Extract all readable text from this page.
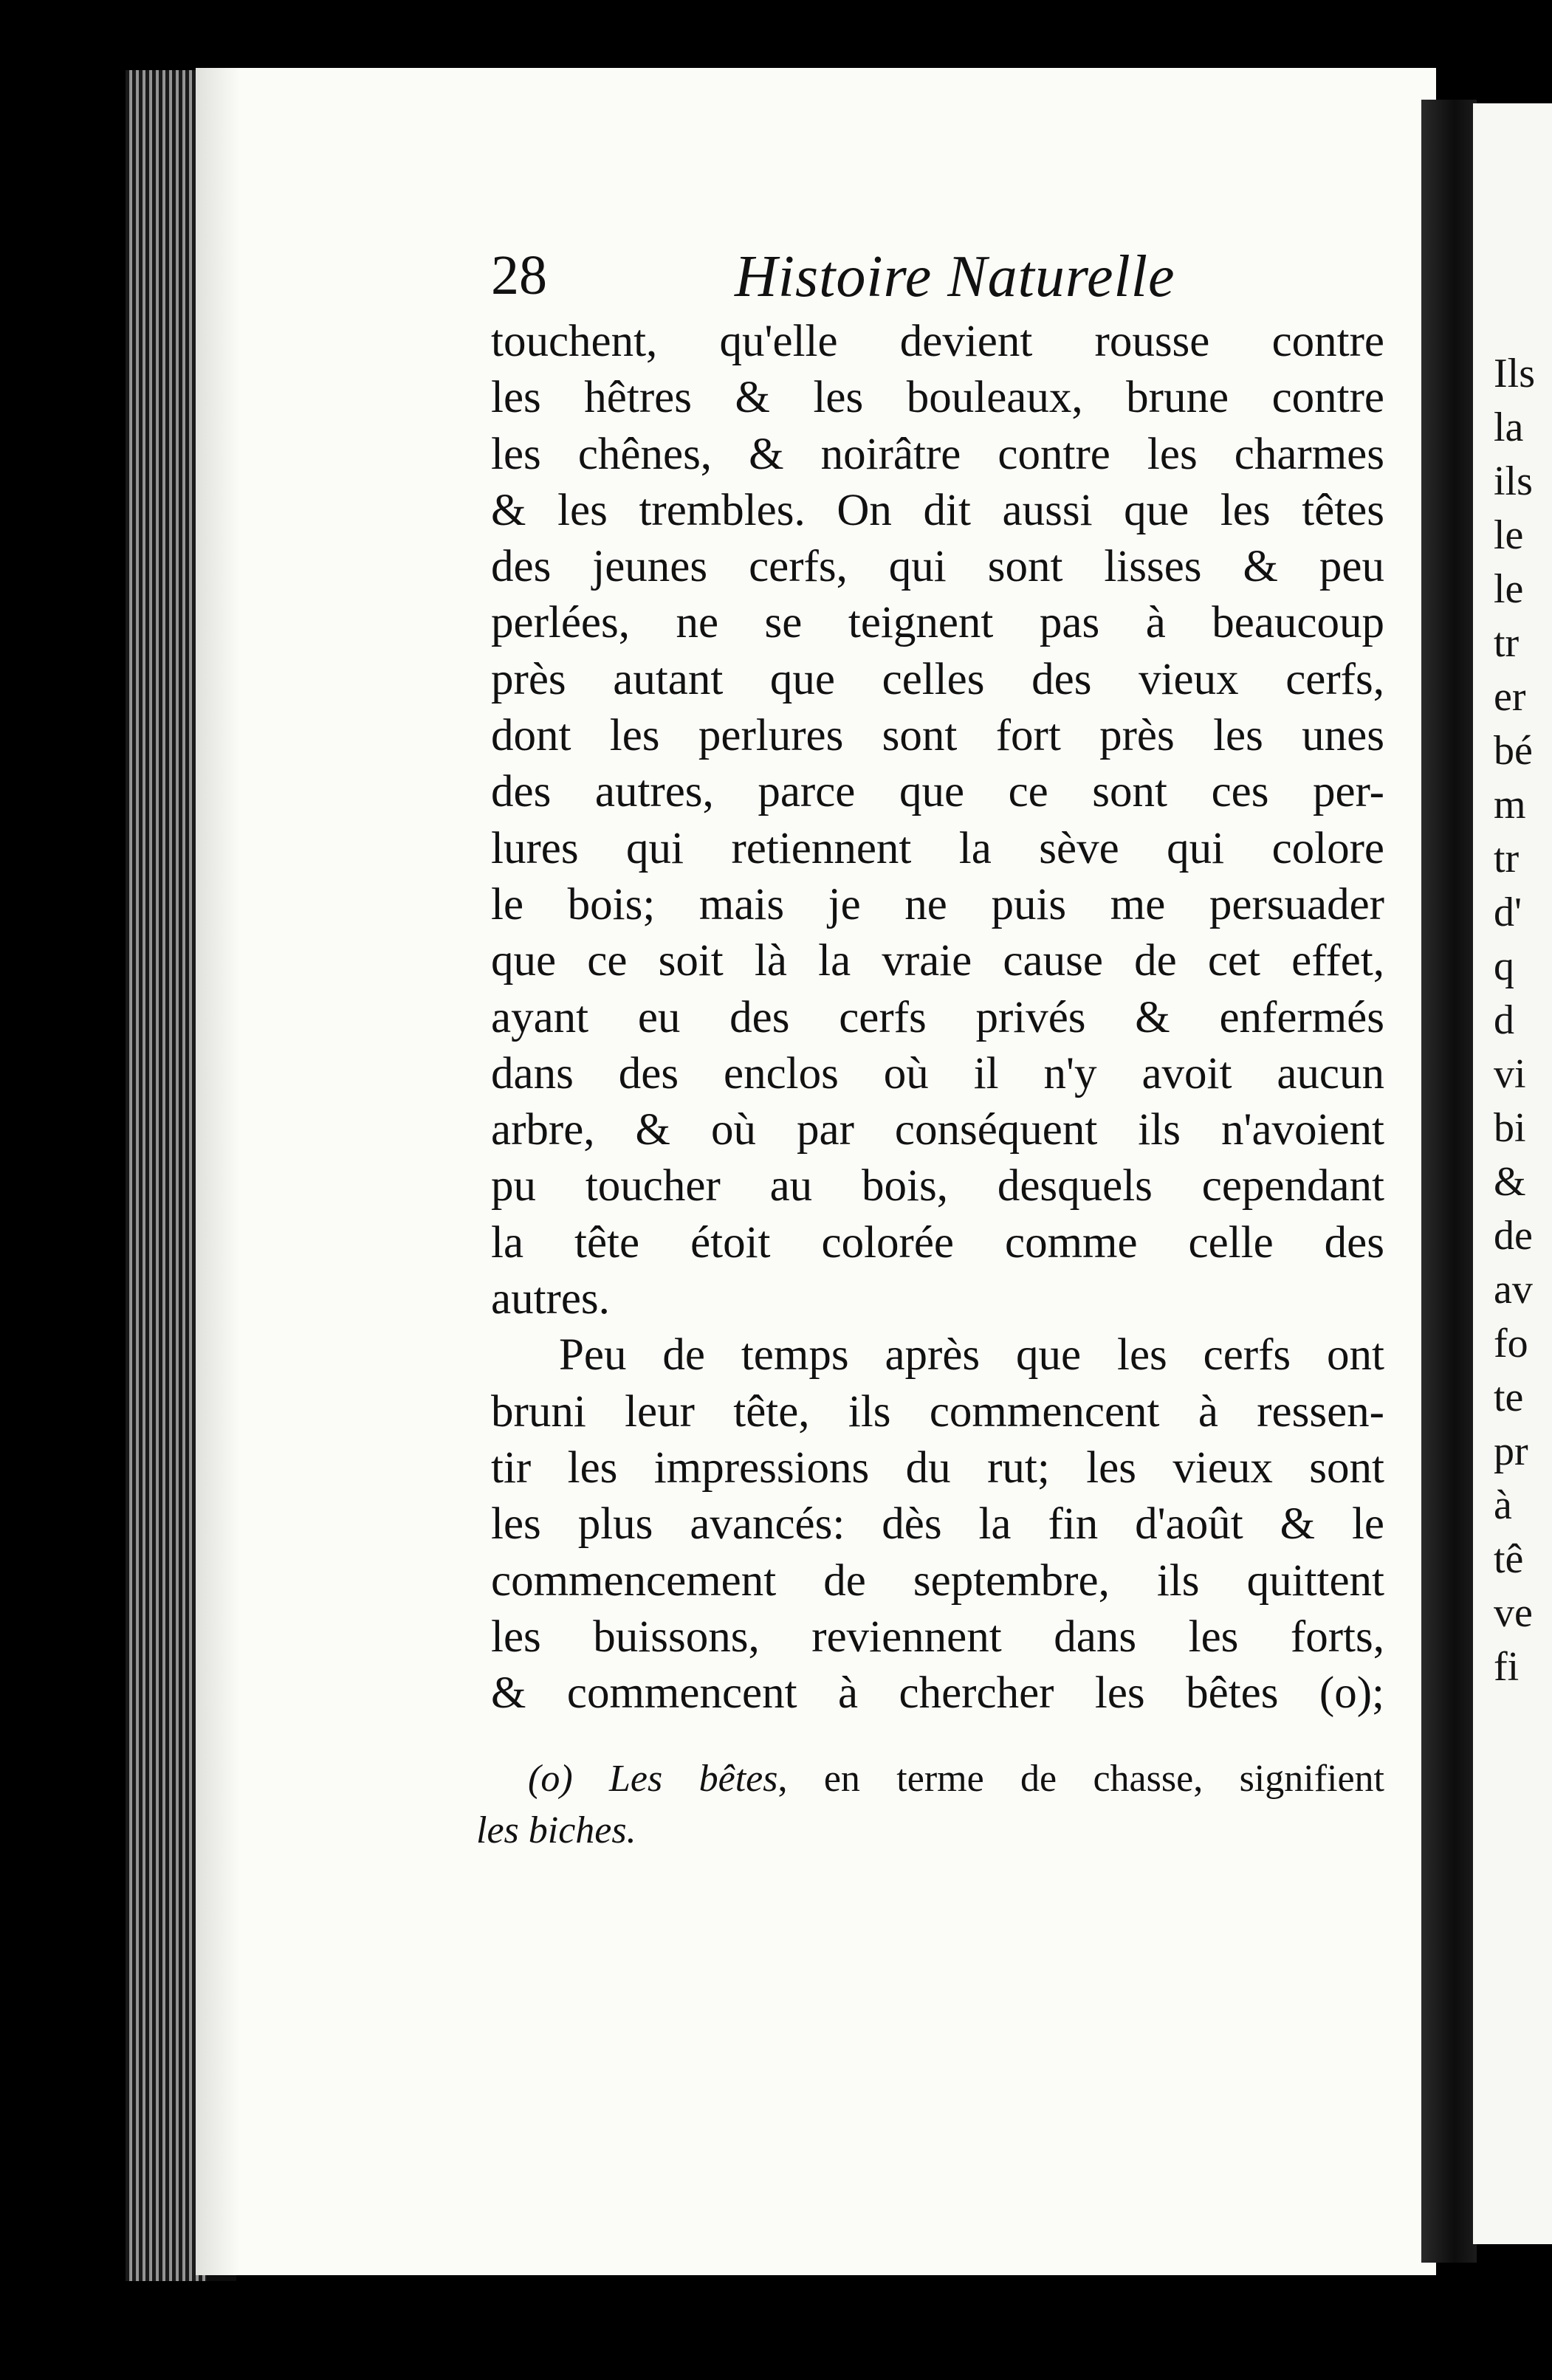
28	Histoire Naturelle
touchent, qu'elle devient rousse contre
les hêtres & les bouleaux, brune contre
les chênes, & noirâtre contre les charmes
& les trembles. On dit aussi que les têtes
des jeunes cerfs, qui sont lisses & peu
perlées, ne se teignent pas à beaucoup
près autant que celles des vieux cerfs,
dont les perlures sont fort près les unes
des autres, parce que ce sont ces per-
lures qui retiennent la sève qui colore
le bois; mais je ne puis me persuader
que ce soit là la vraie cause de cet effet,
ayant eu des cerfs privés & enfermés
dans des enclos où il n'y avoit aucun
arbre, & où par conséquent ils n'avoient
pu toucher au bois, desquels cependant
la tête étoit colorée comme celle des
autres.
Peu de temps après que les cerfs ont
bruni leur tête, ils commencent à ressen-
tir les impressions du rut; les vieux sont
les plus avancés: dès la fin d'août & le
commencement de septembre, ils quittent
les buissons, reviennent dans les forts,
& commencent à chercher les bêtes (o);
(o) Les bêtes, en terme de chasse, signifient
les biches.
Ils
la
ils
le
le
tr
er
bé
m
tr
d'
q
d
vi
bi
&
de
av
fo
te
pr
à
tê
ve
fi
